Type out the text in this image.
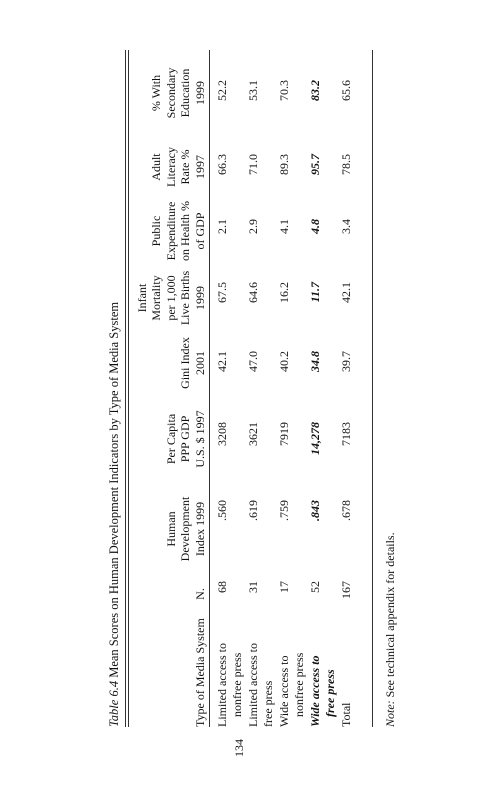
134
Table 6.4 Mean Scores on Human Development Indicators by Type of Media System	Type of Media System
N.
Human Development Index 1999
Per Capita PPP GDP U.S. $ 1997
Gini Index 2001
Infant Mortality per 1,000 Live Births 1999
Public Expenditure on Health % of GDP
Adult Literacy Rate % 1997
% With Secondary Education 1999
Limited access to nonfree press
68
.560
3208
42.1
67.5
2.1
66.3
52.2
Limited access to free press
31
.619
3621
47.0
64.6
2.9
71.0
53.1
Wide access to nonfree press
17
.759
7919
40.2
16.2
4.1
89.3
70.3
Wide access to free press
52
.843
14,278
34.8
11.7
4.8
95.7
83.2
Total
167
.678
7183
39.7
42.1
3.4
78.5
65.6
Note: See technical appendix for details.
